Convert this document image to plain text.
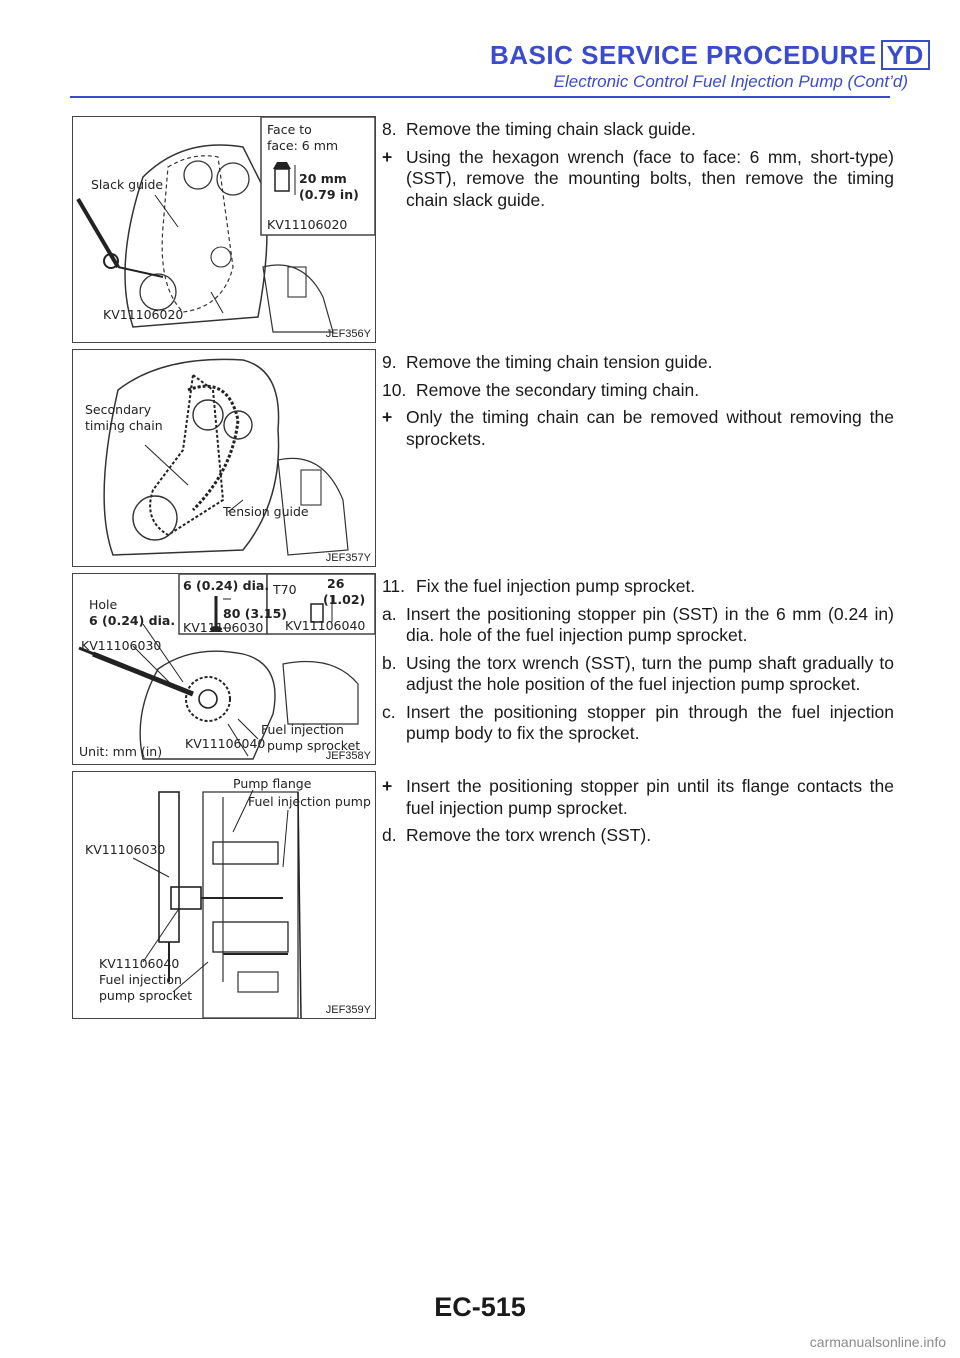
BASIC SERVICE PROCEDURE YD
Electronic Control Fuel Injection Pump (Cont’d)
Face to
face: 6 mm
20 mm
(0.79 in)
KV11106020
Slack guide
KV11106020
JEF356Y
Secondary
timing chain
Tension guide
JEF357Y
Hole
6 (0.24) dia.
6 (0.24) dia.
80 (3.15)
KV11106030
T70 26
(1.02)
KV11106040
KV11106030
Fuel injection
pump sprocket
Unit: mm (in)
KV11106040
JEF358Y
Pump flange
Fuel injection pump
KV11106030
KV11106040
Fuel injection
pump sprocket
JEF359Y
8. Remove the timing chain slack guide.
+ Using the hexagon wrench (face to face: 6 mm, short-type) (SST), remove the mounting bolts, then remove the timing chain slack guide.
9. Remove the timing chain tension guide.
10. Remove the secondary timing chain.
+ Only the timing chain can be removed without removing the sprockets.
11. Fix the fuel injection pump sprocket.
a. Insert the positioning stopper pin (SST) in the 6 mm (0.24 in) dia. hole of the fuel injection pump sprocket.
b. Using the torx wrench (SST), turn the pump shaft gradually to adjust the hole position of the fuel injection pump sprocket.
c. Insert the positioning stopper pin through the fuel injection pump body to fix the sprocket.
+ Insert the positioning stopper pin until its flange contacts the fuel injection pump sprocket.
d. Remove the torx wrench (SST).
EC-515
carmanualsonline.info
